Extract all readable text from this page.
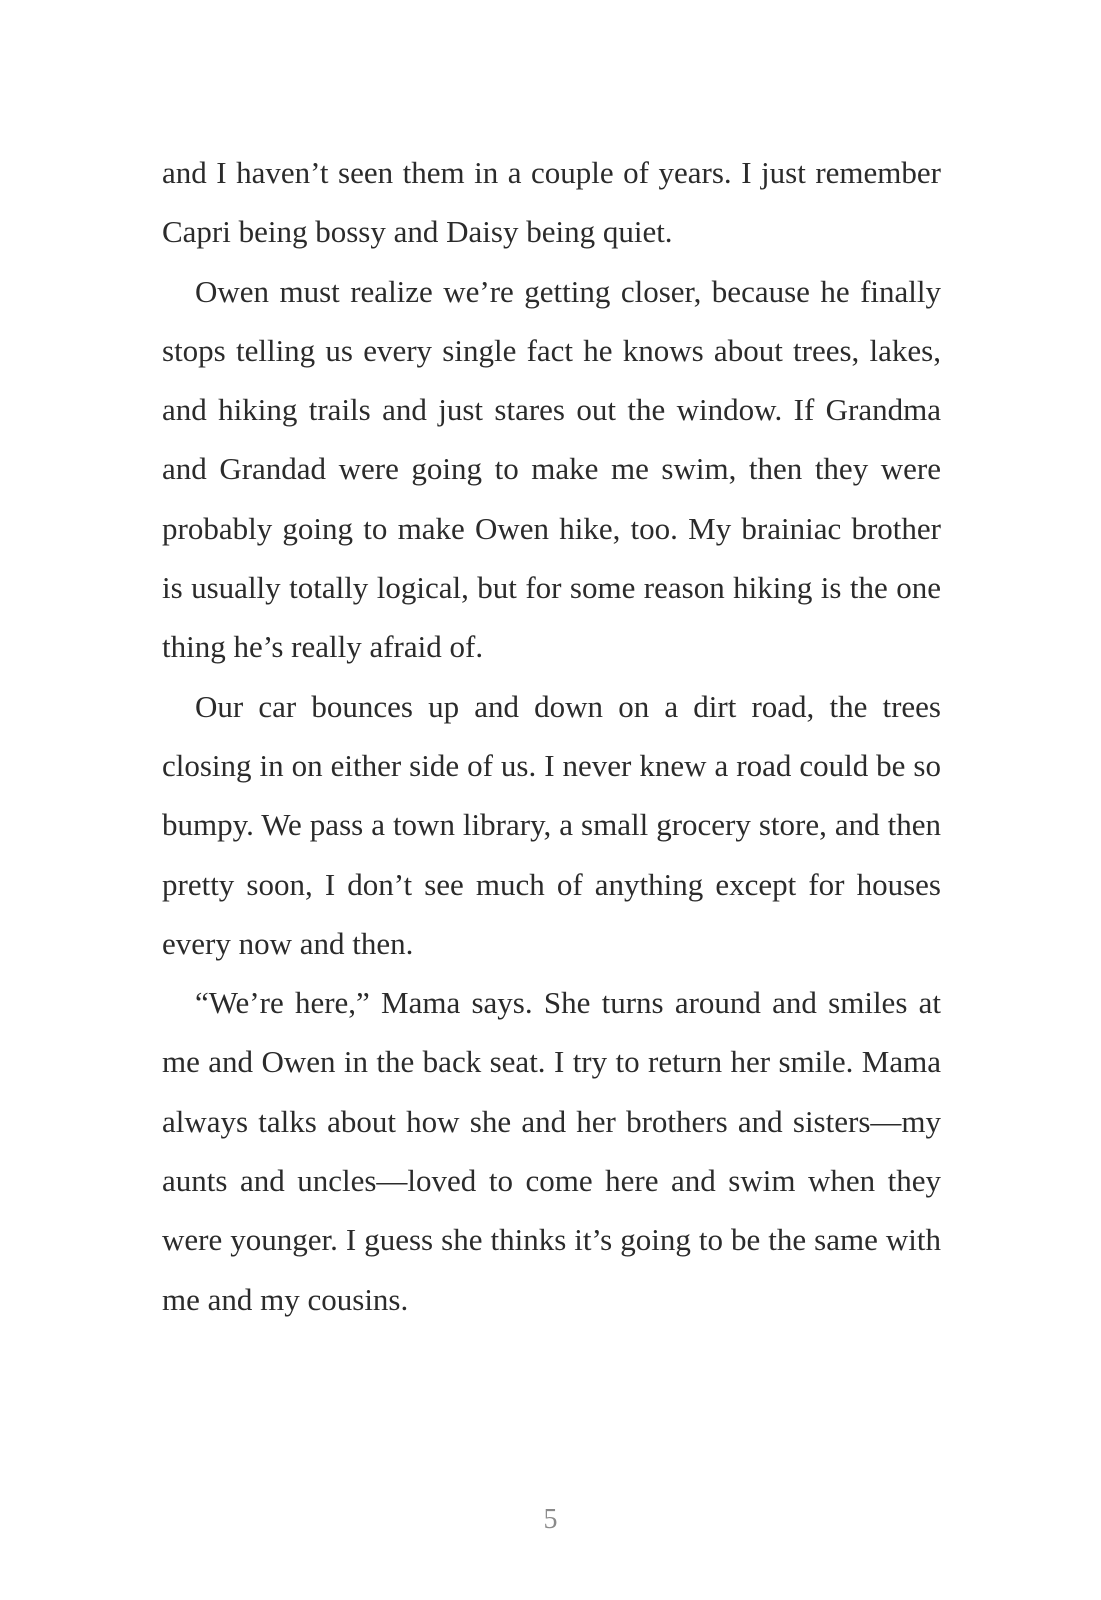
and I haven’t seen them in a couple of years. I just remember Capri being bossy and Daisy being quiet.

Owen must realize we’re getting closer, because he finally stops telling us every single fact he knows about trees, lakes, and hiking trails and just stares out the window. If Grandma and Grandad were going to make me swim, then they were probably going to make Owen hike, too. My brainiac brother is usually totally logical, but for some reason hiking is the one thing he’s really afraid of.

Our car bounces up and down on a dirt road, the trees closing in on either side of us. I never knew a road could be so bumpy. We pass a town library, a small grocery store, and then pretty soon, I don’t see much of anything except for houses every now and then.

“We’re here,” Mama says. She turns around and smiles at me and Owen in the back seat. I try to return her smile. Mama always talks about how she and her brothers and sisters—my aunts and uncles—loved to come here and swim when they were younger. I guess she thinks it’s going to be the same with me and my cousins.

5
